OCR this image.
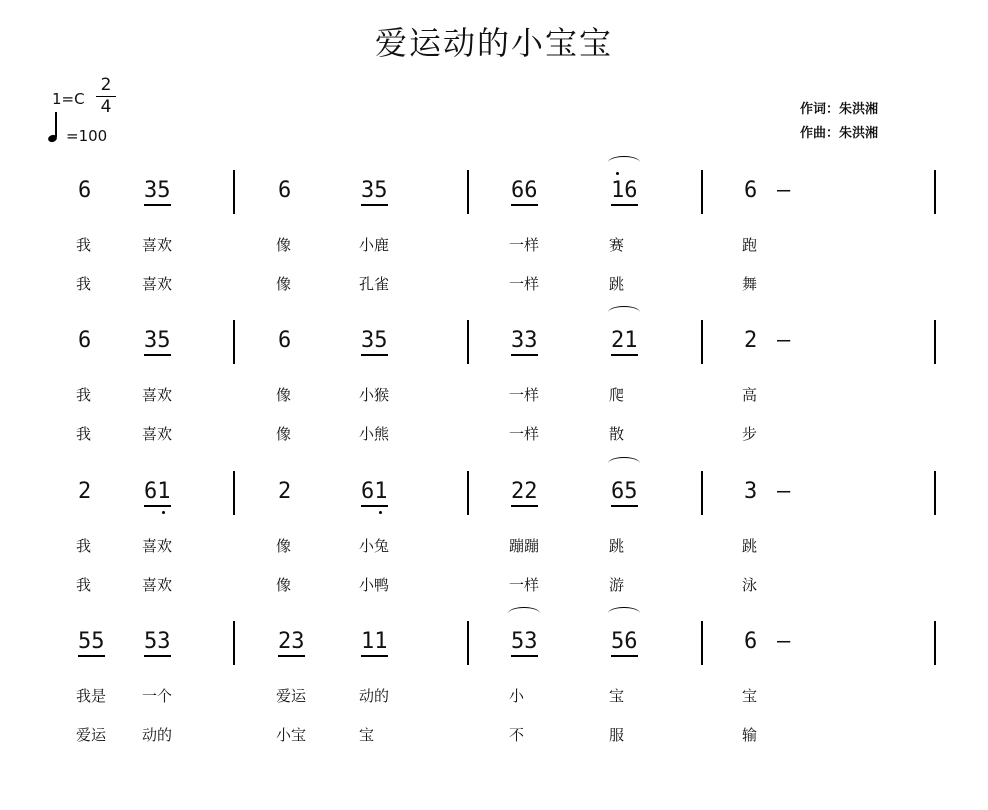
爱运动的小宝宝
1=C
2
4
=100
作词：朱洪湘
作曲：朱洪湘
6 35	6	35	66	16	6 –
我	喜欢	像	小鹿	一样	赛	跑
我	喜欢	像	孔雀	一样	跳	舞
6 35	6	35	33	21	2 –
我	喜欢	像	小猴	一样	爬	高
我	喜欢	像	小熊	一样	散	步
2 61	2	61	22	65	3 –
我	喜欢	像	小兔	蹦蹦	跳	跳
我	喜欢	像	小鸭	一样	游	泳
55 53	23	11	53	56	6 –
我是 一个	爱运	动的	小	宝	宝
爱运 动的	小宝	宝	不	服	输
